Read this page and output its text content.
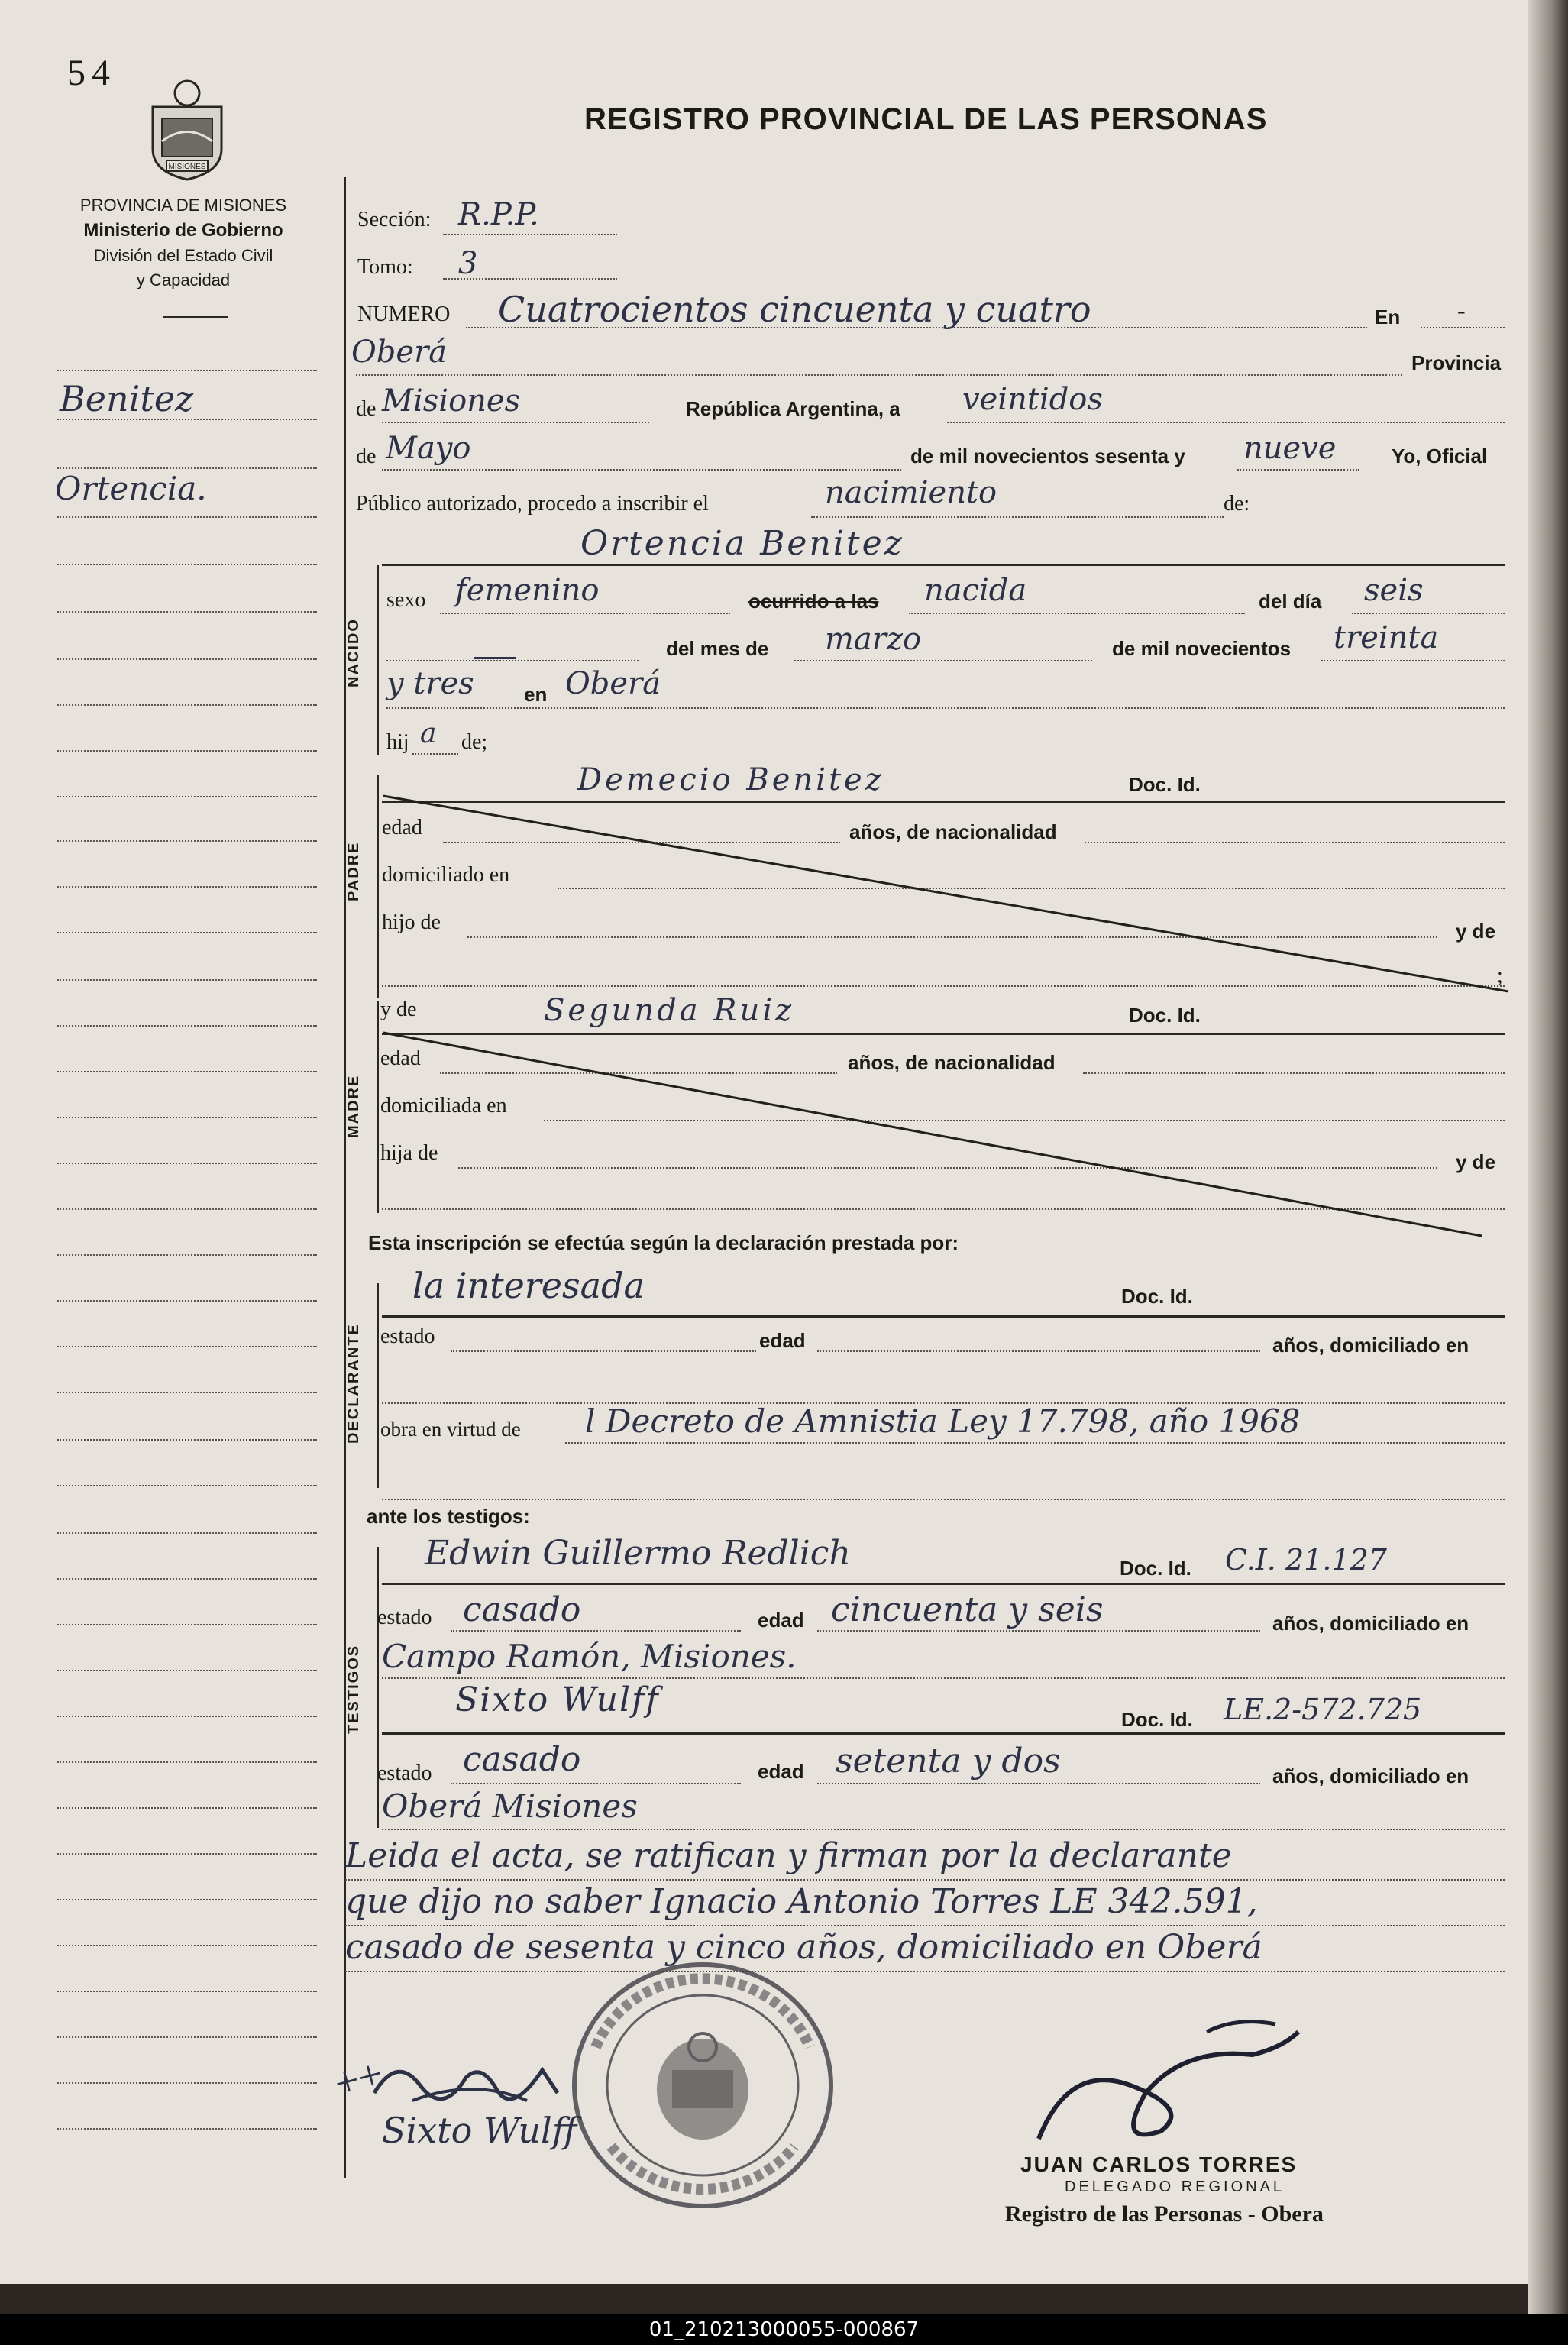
54
MISIONES
PROVINCIA DE MISIONES
Ministerio de Gobierno
División del Estado Civil
y Capacidad
REGISTRO PROVINCIAL DE LAS PERSONAS
Benitez
Ortencia.
Sección: R.P.P.
Tomo: 3
NUMERO Cuatrocientos cincuenta y cuatro	En -
Oberá	Provincia
de Misiones	República Argentina, a veintidos
de Mayo	de mil novecientos sesenta y nueve	Yo, Oficial
Público autorizado, procedo a inscribir el	nacimiento	de:
Ortencia Benitez
NACIDO
sexo femenino	ocurrido a las nacida	del día seis
del mes de marzo	de mil novecientos treinta
y tres	en Oberá
hij a de;
PADRE
Demecio Benitez	Doc. Id.
edad	años, de nacionalidad
domiciliado en
hijo de	y de
;
MADRE
y de	Segunda Ruiz	Doc. Id.
edad	años, de nacionalidad
domiciliada en
hija de	y de
Esta inscripción se efectúa según la declaración prestada por:
DECLARANTE
la interesada	Doc. Id.
estado	edad	años, domiciliado en
obra en virtud de l Decreto de Amnistia Ley 17.798, año 1968
ante los testigos:
TESTIGOS
Edwin Guillermo Redlich	Doc. Id. C.I. 21.127
estado casado	edad cincuenta y seis	años, domiciliado en
Campo Ramón, Misiones.
Sixto Wulff	Doc. Id. LE.2-572.725
estado casado	edad setenta y dos	años, domiciliado en
Oberá Misiones
Leida el acta, se ratifican y firman por la declarante
que dijo no saber Ignacio Antonio Torres LE 342.591,
casado de sesenta y cinco años, domiciliado en Oberá
++
Sixto Wulff
JUAN CARLOS TORRES
DELEGADO REGIONAL
Registro de las Personas - Obera
01_210213000055-000867
